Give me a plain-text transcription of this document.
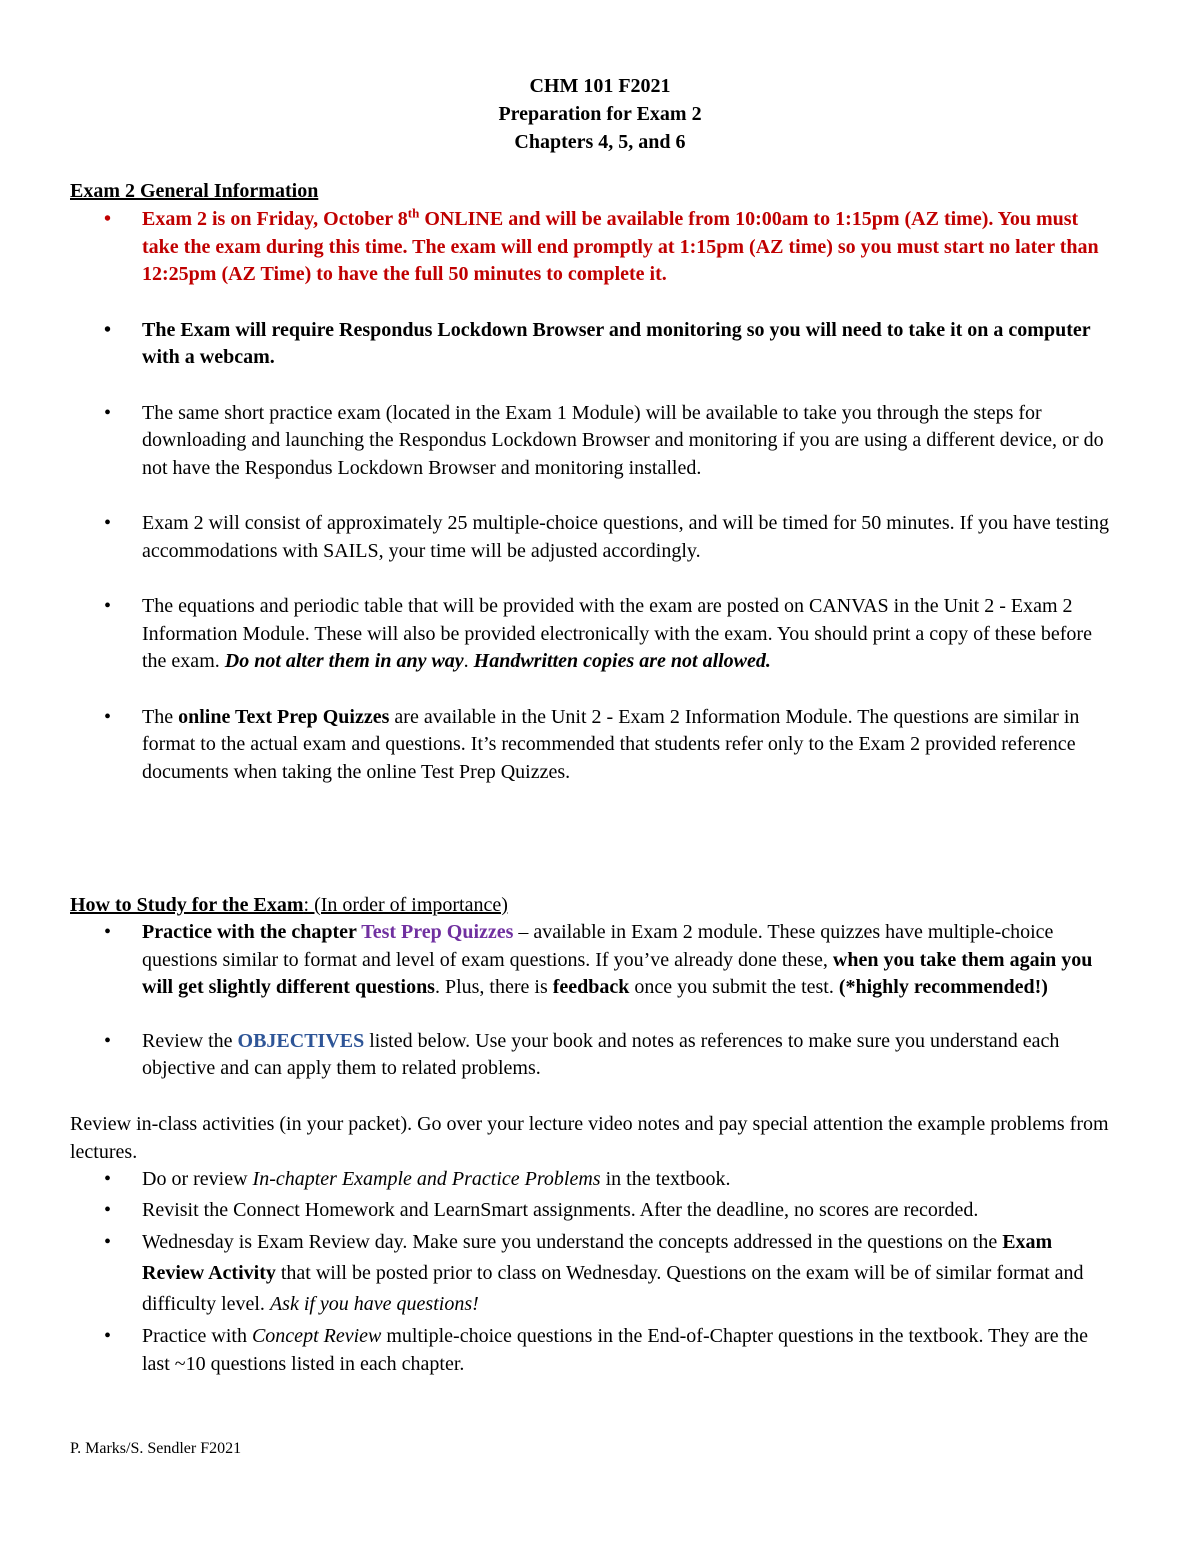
CHM 101 F2021
Preparation for Exam 2
Chapters 4, 5, and 6
Exam 2 General Information
• Exam 2 is on Friday, October 8th ONLINE and will be available from 10:00am to 1:15pm (AZ time). You must take the exam during this time. The exam will end promptly at 1:15pm (AZ time) so you must start no later than 12:25pm (AZ Time) to have the full 50 minutes to complete it.
• The Exam will require Respondus Lockdown Browser and monitoring so you will need to take it on a computer with a webcam.
• The same short practice exam (located in the Exam 1 Module) will be available to take you through the steps for downloading and launching the Respondus Lockdown Browser and monitoring if you are using a different device, or do not have the Respondus Lockdown Browser and monitoring installed.
• Exam 2 will consist of approximately 25 multiple-choice questions, and will be timed for 50 minutes. If you have testing accommodations with SAILS, your time will be adjusted accordingly.
• The equations and periodic table that will be provided with the exam are posted on CANVAS in the Unit 2 - Exam 2 Information Module. These will also be provided electronically with the exam. You should print a copy of these before the exam. Do not alter them in any way. Handwritten copies are not allowed.
• The online Text Prep Quizzes are available in the Unit 2 - Exam 2 Information Module. The questions are similar in format to the actual exam and questions. It’s recommended that students refer only to the Exam 2 provided reference documents when taking the online Test Prep Quizzes.
How to Study for the Exam: (In order of importance)
• Practice with the chapter Test Prep Quizzes – available in Exam 2 module. These quizzes have multiple-choice questions similar to format and level of exam questions. If you’ve already done these, when you take them again you will get slightly different questions. Plus, there is feedback once you submit the test. (*highly recommended!)
• Review the OBJECTIVES listed below. Use your book and notes as references to make sure you understand each objective and can apply them to related problems.
Review in-class activities (in your packet). Go over your lecture video notes and pay special attention the example problems from lectures.
• Do or review In-chapter Example and Practice Problems in the textbook.
• Revisit the Connect Homework and LearnSmart assignments. After the deadline, no scores are recorded.
• Wednesday is Exam Review day. Make sure you understand the concepts addressed in the questions on the Exam Review Activity that will be posted prior to class on Wednesday. Questions on the exam will be of similar format and difficulty level. Ask if you have questions!
• Practice with Concept Review multiple-choice questions in the End-of-Chapter questions in the textbook. They are the last ~10 questions listed in each chapter.
P. Marks/S. Sendler F2021
